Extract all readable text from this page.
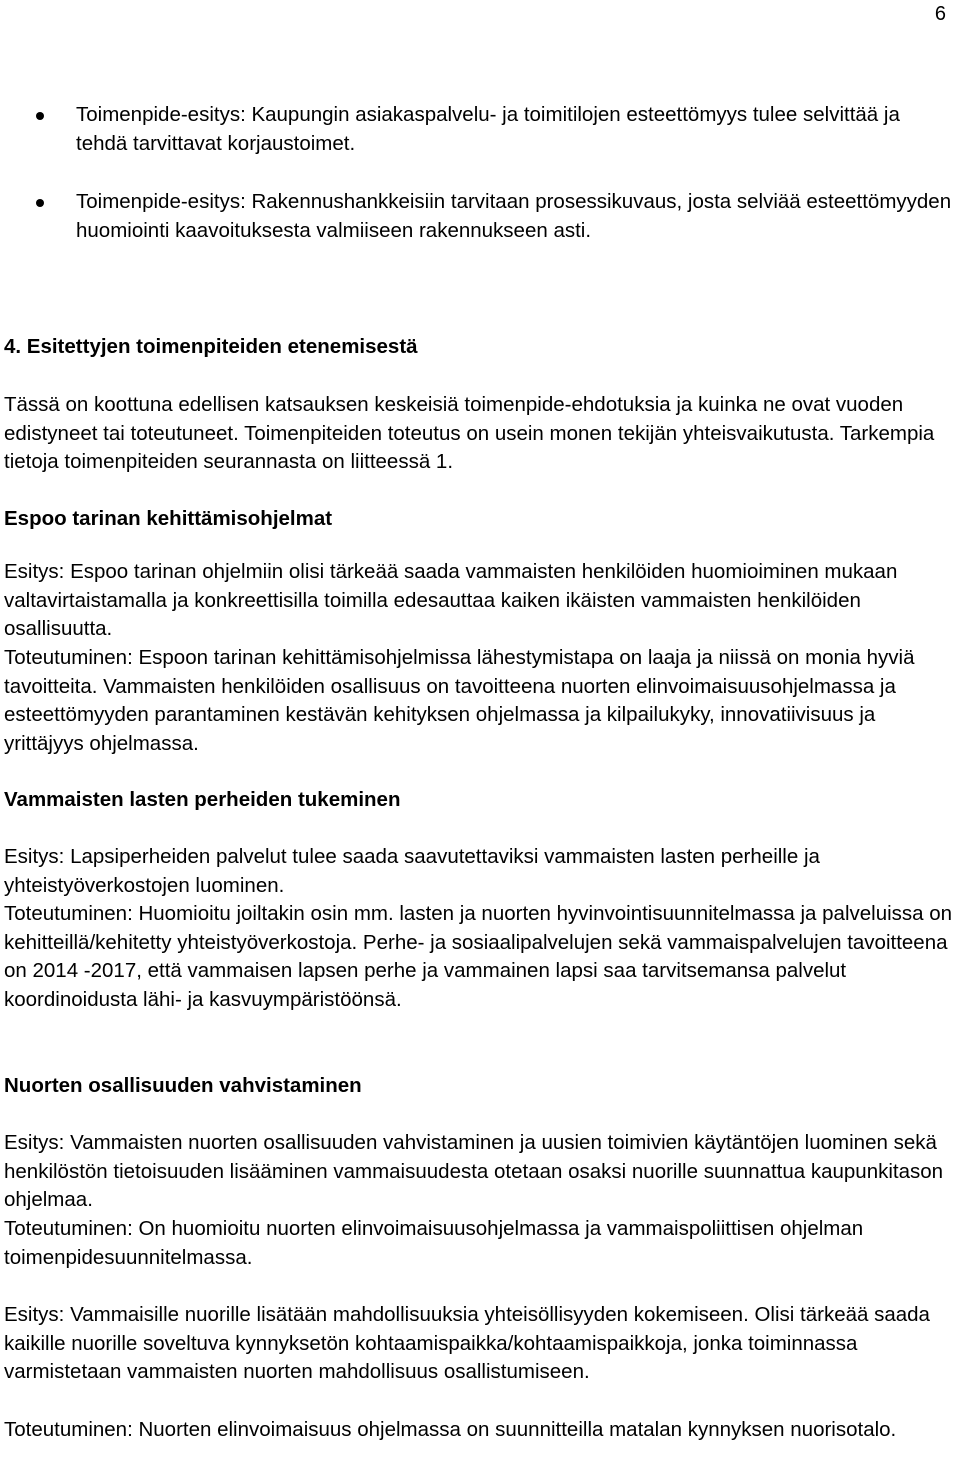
6
Toimenpide-esitys: Kaupungin asiakaspalvelu- ja toimitilojen esteettömyys tulee selvittää ja tehdä tarvittavat korjaustoimet.
Toimenpide-esitys: Rakennushankkeisiin tarvitaan prosessikuvaus, josta selviää esteettömyyden huomiointi kaavoituksesta valmiiseen rakennukseen asti.

4. Esitettyjen toimenpiteiden etenemisestä

Tässä on koottuna edellisen katsauksen keskeisiä toimenpide-ehdotuksia ja kuinka ne ovat vuoden edistyneet tai toteutuneet. Toimenpiteiden toteutus on usein monen tekijän yhteisvaikutusta. Tarkempia tietoja toimenpiteiden seurannasta on liitteessä 1.

Espoo tarinan kehittämisohjelmat

Esitys: Espoo tarinan ohjelmiin olisi tärkeää saada vammaisten henkilöiden huomioiminen mukaan valtavirtaistamalla ja konkreettisilla toimilla edesauttaa kaiken ikäisten vammaisten henkilöiden osallisuutta.

Toteutuminen: Espoon tarinan kehittämisohjelmissa lähestymistapa on laaja ja niissä on monia hyviä tavoitteita. Vammaisten henkilöiden osallisuus on tavoitteena nuorten elinvoimaisuusohjelmassa ja esteettömyyden parantaminen kestävän kehityksen ohjelmassa ja kilpailukyky, innovatiivisuus ja yrittäjyys ohjelmassa.

Vammaisten lasten perheiden tukeminen

Esitys: Lapsiperheiden palvelut tulee saada saavutettaviksi vammaisten lasten perheille ja yhteistyöverkostojen luominen.

Toteutuminen: Huomioitu joiltakin osin mm. lasten ja nuorten hyvinvointisuunnitelmassa ja palveluissa on kehitteillä/kehitetty yhteistyöverkostoja. Perhe- ja sosiaalipalvelujen sekä vammaispalvelujen tavoitteena on 2014 -2017, että vammaisen lapsen perhe ja vammainen lapsi saa tarvitsemansa palvelut koordinoidusta lähi- ja kasvuympäristöönsä.

Nuorten osallisuuden vahvistaminen

Esitys: Vammaisten nuorten osallisuuden vahvistaminen ja uusien toimivien käytäntöjen luominen sekä henkilöstön tietoisuuden lisääminen vammaisuudesta otetaan osaksi nuorille suunnattua kaupunkitason ohjelmaa.

Toteutuminen: On huomioitu nuorten elinvoimaisuusohjelmassa ja vammaispoliittisen ohjelman toimenpidesuunnitelmassa.

Esitys: Vammaisille nuorille lisätään mahdollisuuksia yhteisöllisyyden kokemiseen. Olisi tärkeää saada kaikille nuorille soveltuva kynnyksetön kohtaamispaikka/kohtaamispaikkoja, jonka toiminnassa varmistetaan vammaisten nuorten mahdollisuus osallistumiseen.

Toteutuminen: Nuorten elinvoimaisuus ohjelmassa on suunnitteilla matalan kynnyksen nuorisotalo.
